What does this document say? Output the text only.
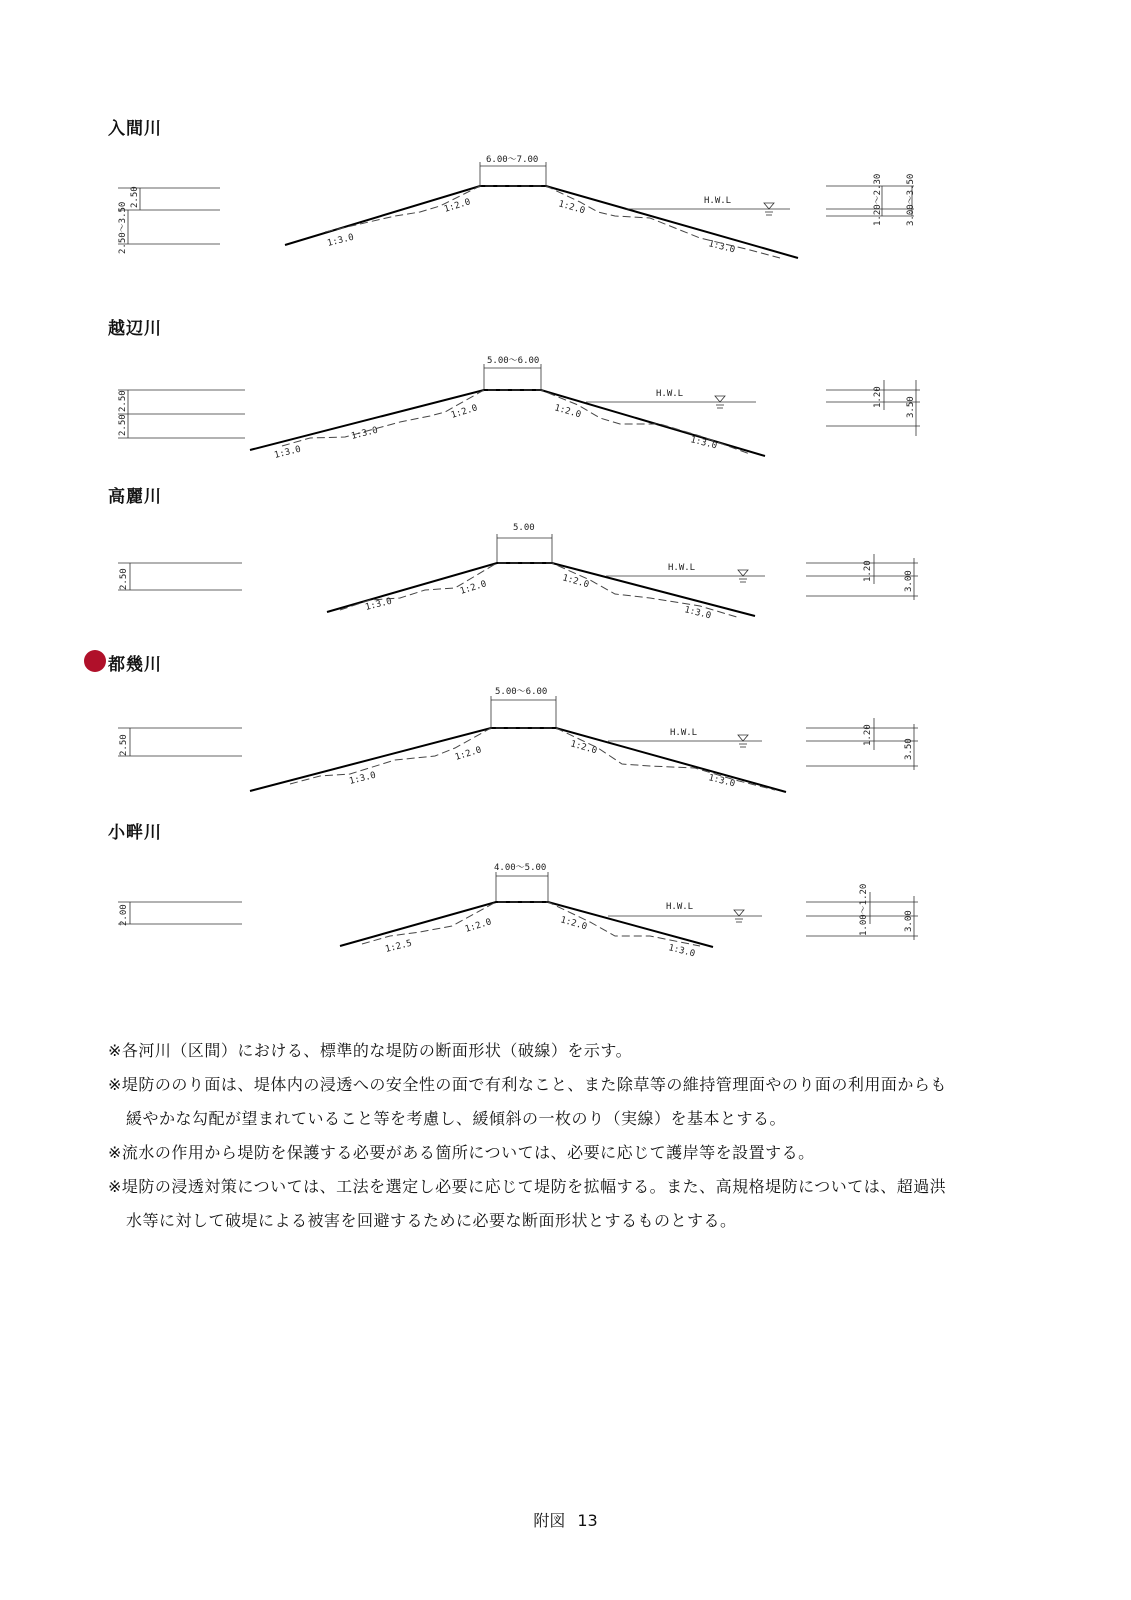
入間川
2.50
2.50～3.50
6.00～7.00
H.W.L
1:3.0
1:2.0	1:2.0
1:3.0
1.20～2.30	3.00～3.50
越辺川
2.50
2.50
5.00～6.00
H.W.L
1:3.0
1:3.0
1:2.0	1:2.0
1:3.0
1.20	3.50
高麗川
2.50
5.00
H.W.L
1:3.0
1:2.0	1:2.0
1:3.0
1.20	3.00
都幾川
2.50
5.00～6.00
H.W.L
1:3.0
1:2.0	1:2.0
1:3.0
1.20
3.50
小畔川
2.00
4.00～5.00
H.W.L
1:2.5
1:2.0	1:2.0
1:3.0
1.00～1.20	3.00
※各河川（区間）における、標準的な堤防の断面形状（破線）を示す。
※堤防ののり面は、堤体内の浸透への安全性の面で有利なこと、また除草等の維持管理面やのり面の利用面からも
緩やかな勾配が望まれていること等を考慮し、緩傾斜の一枚のり（実線）を基本とする。
※流水の作用から堤防を保護する必要がある箇所については、必要に応じて護岸等を設置する。
※堤防の浸透対策については、工法を選定し必要に応じて堤防を拡幅する。また、高規格堤防については、超過洪
水等に対して破堤による被害を回避するために必要な断面形状とするものとする。
附図 13
